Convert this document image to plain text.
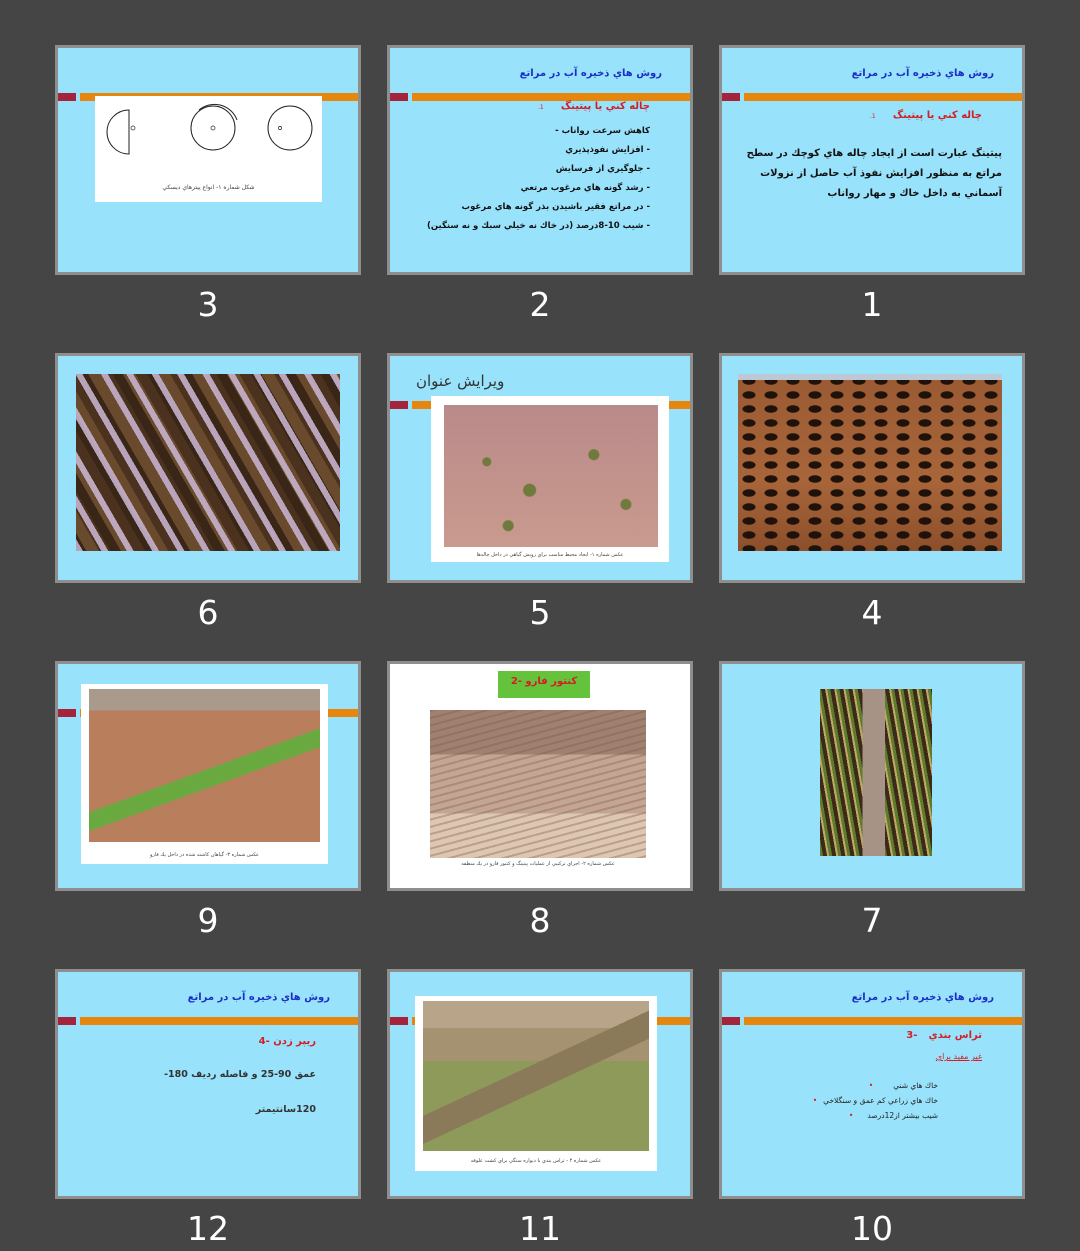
شكل شماره ۱- انواع پيترهاي ديسكي
3
روش هاي ذخيره آب در مراتع
چاله كني يا پيتينگ 1.
كاهش سرعت رواناب -
- افزايش نفوذپذيري
- جلوگيري از فرسايش
- رشد گونه هاي مرغوب مرتعي
- در مراتع فقير باشيدن بذر گونه هاي مرغوب
- شيب 10-8درصد (در خاك نه خيلي سبك و نه سنگين)
2
روش هاي ذخيره آب در مراتع
چاله كني يا پيتينگ 1.
پيتينگ عبارت است از ايجاد چاله هاي كوچك در سطح مراتع به منظور افزايش نفوذ آب حاصل از نزولات آسماني به داخل خاك و مهار رواناب
1
6
ويرايش عنوان
عكس شماره ۱- ايجاد محيط مناسب براي رويش گياهي در داخل چاله‌ها
5	4
عكس شماره ۳- گياهان كاشته شده در داخل يك فارو
9
كنتور فارو -2
عكس شماره ۲- اجراي تركيبي از عمليات پيتينگ و كنتور فارو در يك منطقه
8	7
روش هاي ذخيره آب در مراتع
ريپر زدن -4
عمق 90-25 و فاصله رديف 180-
120سانتيمتر
12
عكس شماره ۴ - تراس بندي با ديواره سنگي براي كشت علوفه
11
روش هاي ذخيره آب در مراتع
تراس بندي -3
غير مفيد براي
خاك هاي شني•
خاك هاي زراعي كم عمق و سنگلاخي•
شيب بيشتر از12درصد•
10
